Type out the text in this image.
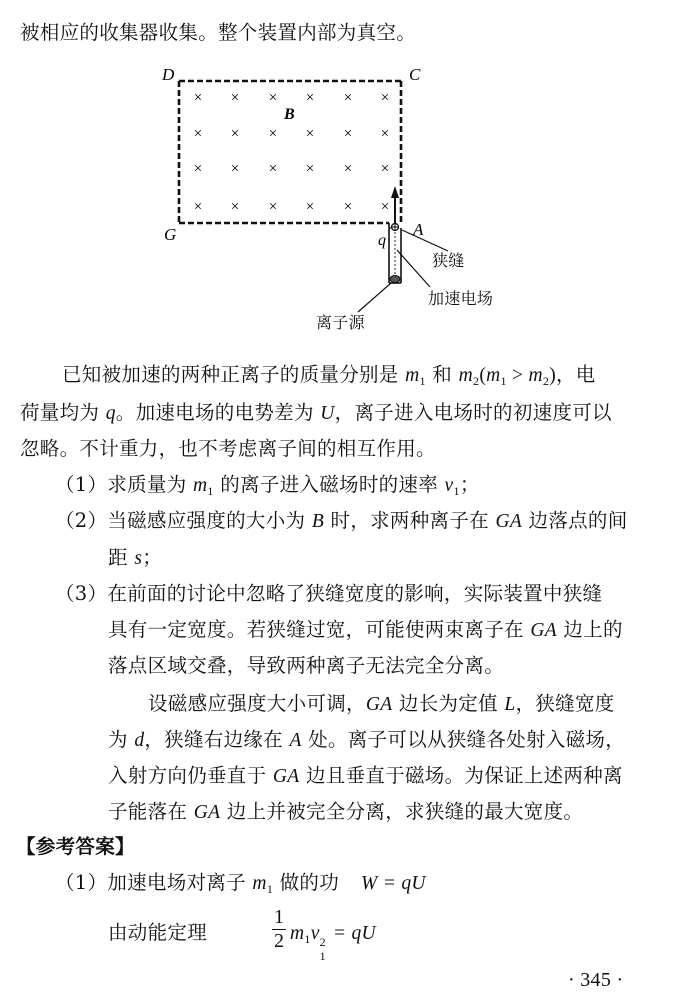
被相应的收集器收集。整个装置内部为真空。
× × × × × ×
× × × × × ×
× × × × × ×
× × × × × ×
D	C
G	A
B
q
狭缝
加速电场
离子源
已知被加速的两种正离子的质量分别是 $m_1$ 和 $m_2(m_1 > m_2)$，电
荷量均为 q。加速电场的电势差为 U，离子进入电场时的初速度可以
忽略。不计重力，也不考虑离子间的相互作用。
（1）求质量为 $m_1$ 的离子进入磁场时的速率 $v_1$；
（2）当磁感应强度的大小为 B 时，求两种离子在 GA 边落点的间
距 s；
（3）在前面的讨论中忽略了狭缝宽度的影响，实际装置中狭缝
具有一定宽度。若狭缝过宽，可能使两束离子在 GA 边上的
落点区域交叠，导致两种离子无法完全分离。
设磁感应强度大小可调，GA 边长为定值 L，狭缝宽度
为 d，狭缝右边缘在 A 处。离子可以从狭缝各处射入磁场，
入射方向仍垂直于 GA 边且垂直于磁场。为保证上述两种离
子能落在 GA 边上并被完全分离，求狭缝的最大宽度。
【参考答案】
（1）加速电场对离子 $m_1$ 做的功 W = qU
由动能定理
1
2 $m_1v$ 2
1
= qU
· 345 ·
